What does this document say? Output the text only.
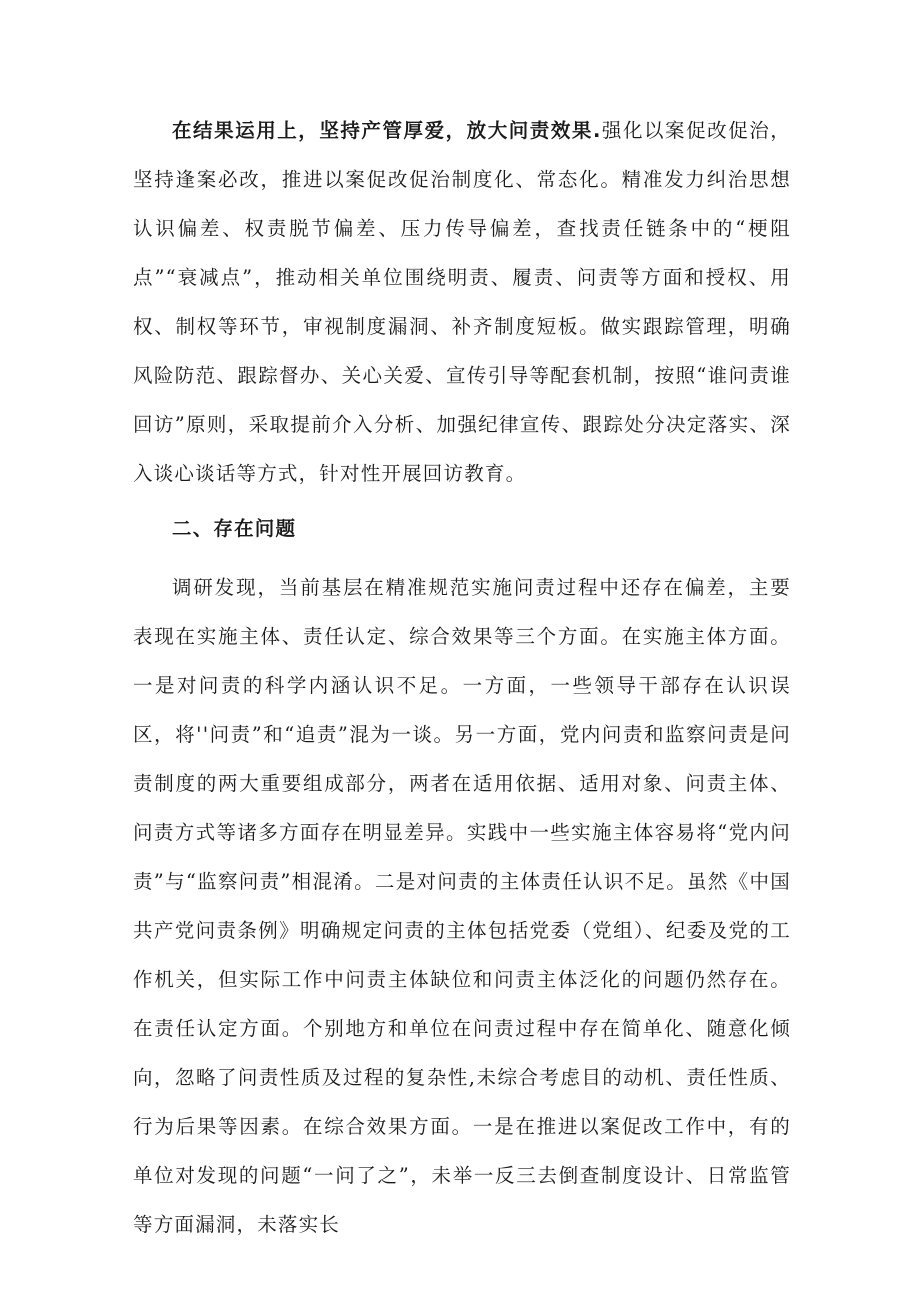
在结果运用上，坚持产管厚爱，放大问责效果.强化以案促改促治，坚持逢案必改，推进以案促改促治制度化、常态化。精准发力纠治思想认识偏差、权责脱节偏差、压力传导偏差，查找责任链条中的“梗阻点”“衰减点”，推动相关单位围绕明责、履责、问责等方面和授权、用权、制权等环节，审视制度漏洞、补齐制度短板。做实跟踪管理，明确风险防范、跟踪督办、关心关爱、宣传引导等配套机制，按照“谁问责谁回访”原则，采取提前介入分析、加强纪律宣传、跟踪处分决定落实、深入谈心谈话等方式，针对性开展回访教育。

二、存在问题

调研发现，当前基层在精准规范实施问责过程中还存在偏差，主要表现在实施主体、责任认定、综合效果等三个方面。在实施主体方面。一是对问责的科学内涵认识不足。一方面，一些领导干部存在认识误区，将''问责”和“追责”混为一谈。另一方面，党内问责和监察问责是问责制度的两大重要组成部分，两者在适用依据、适用对象、问责主体、问责方式等诸多方面存在明显差异。实践中一些实施主体容易将“党内问责”与“监察问责”相混淆。二是对问责的主体责任认识不足。虽然《中国共产党问责条例》明确规定问责的主体包括党委（党组）、纪委及党的工作机关，但实际工作中问责主体缺位和问责主体泛化的问题仍然存在。在责任认定方面。个别地方和单位在问责过程中存在简单化、随意化倾向，忽略了问责性质及过程的复杂性,未综合考虑目的动机、责任性质、行为后果等因素。在综合效果方面。一是在推进以案促改工作中，有的单位对发现的问题“一问了之”，未举一反三去倒查制度设计、日常监管等方面漏洞，未落实长
